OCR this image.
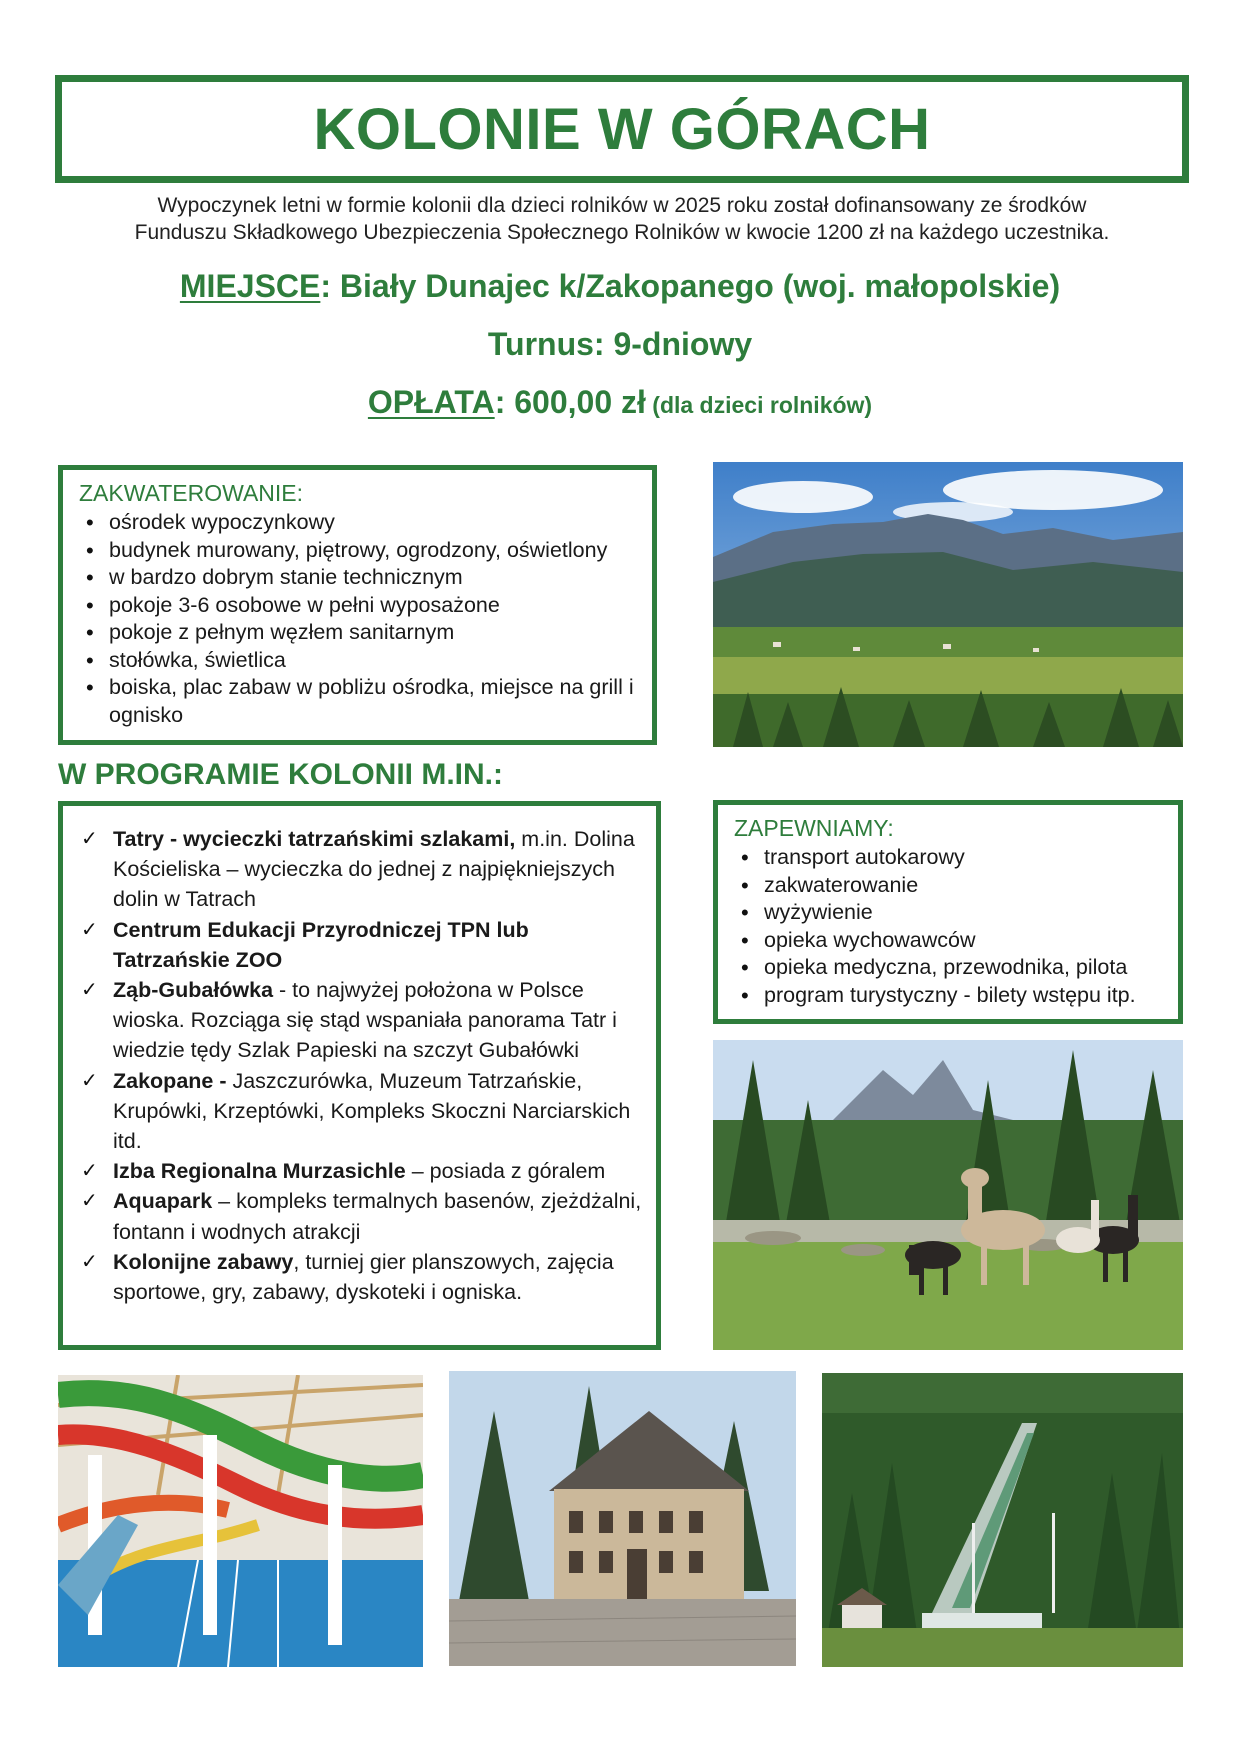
KOLONIE W GÓRACH

Wypoczynek letni w formie kolonii dla dzieci rolników w 2025 roku został dofinansowany ze środków

Funduszu Składkowego Ubezpieczenia Społecznego Rolników w kwocie 1200 zł na każdego uczestnika.

MIEJSCE: Biały Dunajec k/Zakopanego (woj. małopolskie)
Turnus: 9-dniowy
OPŁATA: 600,00 zł (dla dzieci rolników)
ZAKWATEROWANIE:
• ośrodek wypoczynkowy
• budynek murowany, piętrowy, ogrodzony, oświetlony
• w bardzo dobrym stanie technicznym
• pokoje 3-6 osobowe w pełni wyposażone
• pokoje z pełnym węzłem sanitarnym
• stołówka, świetlica
• boiska, plac zabaw w pobliżu ośrodka, miejsce na grill i ognisko
W PROGRAMIE KOLONII M.IN.:
✓ Tatry - wycieczki tatrzańskimi szlakami, m.in. Dolina Kościeliska – wycieczka do jednej z najpiękniejszych dolin w Tatrach
✓ Centrum Edukacji Przyrodniczej TPN lub Tatrzańskie ZOO
✓ Ząb-Gubałówka - to najwyżej położona w Polsce wioska. Rozciąga się stąd wspaniała panorama Tatr i wiedzie tędy Szlak Papieski na szczyt Gubałówki
✓ Zakopane - Jaszczurówka, Muzeum Tatrzańskie, Krupówki, Krzeptówki, Kompleks Skoczni Narciarskich itd.
✓ Izba Regionalna Murzasichle – posiada z góralem
✓ Aquapark – kompleks termalnych basenów, zjeżdżalni, fontann i wodnych atrakcji
✓ Kolonijne zabawy, turniej gier planszowych, zajęcia sportowe, gry, zabawy, dyskoteki i ogniska.
ZAPEWNIAMY:
• transport autokarowy
• zakwaterowanie
• wyżywienie
• opieka wychowawców
• opieka medyczna, przewodnika, pilota
• program turystyczny - bilety wstępu itp.
